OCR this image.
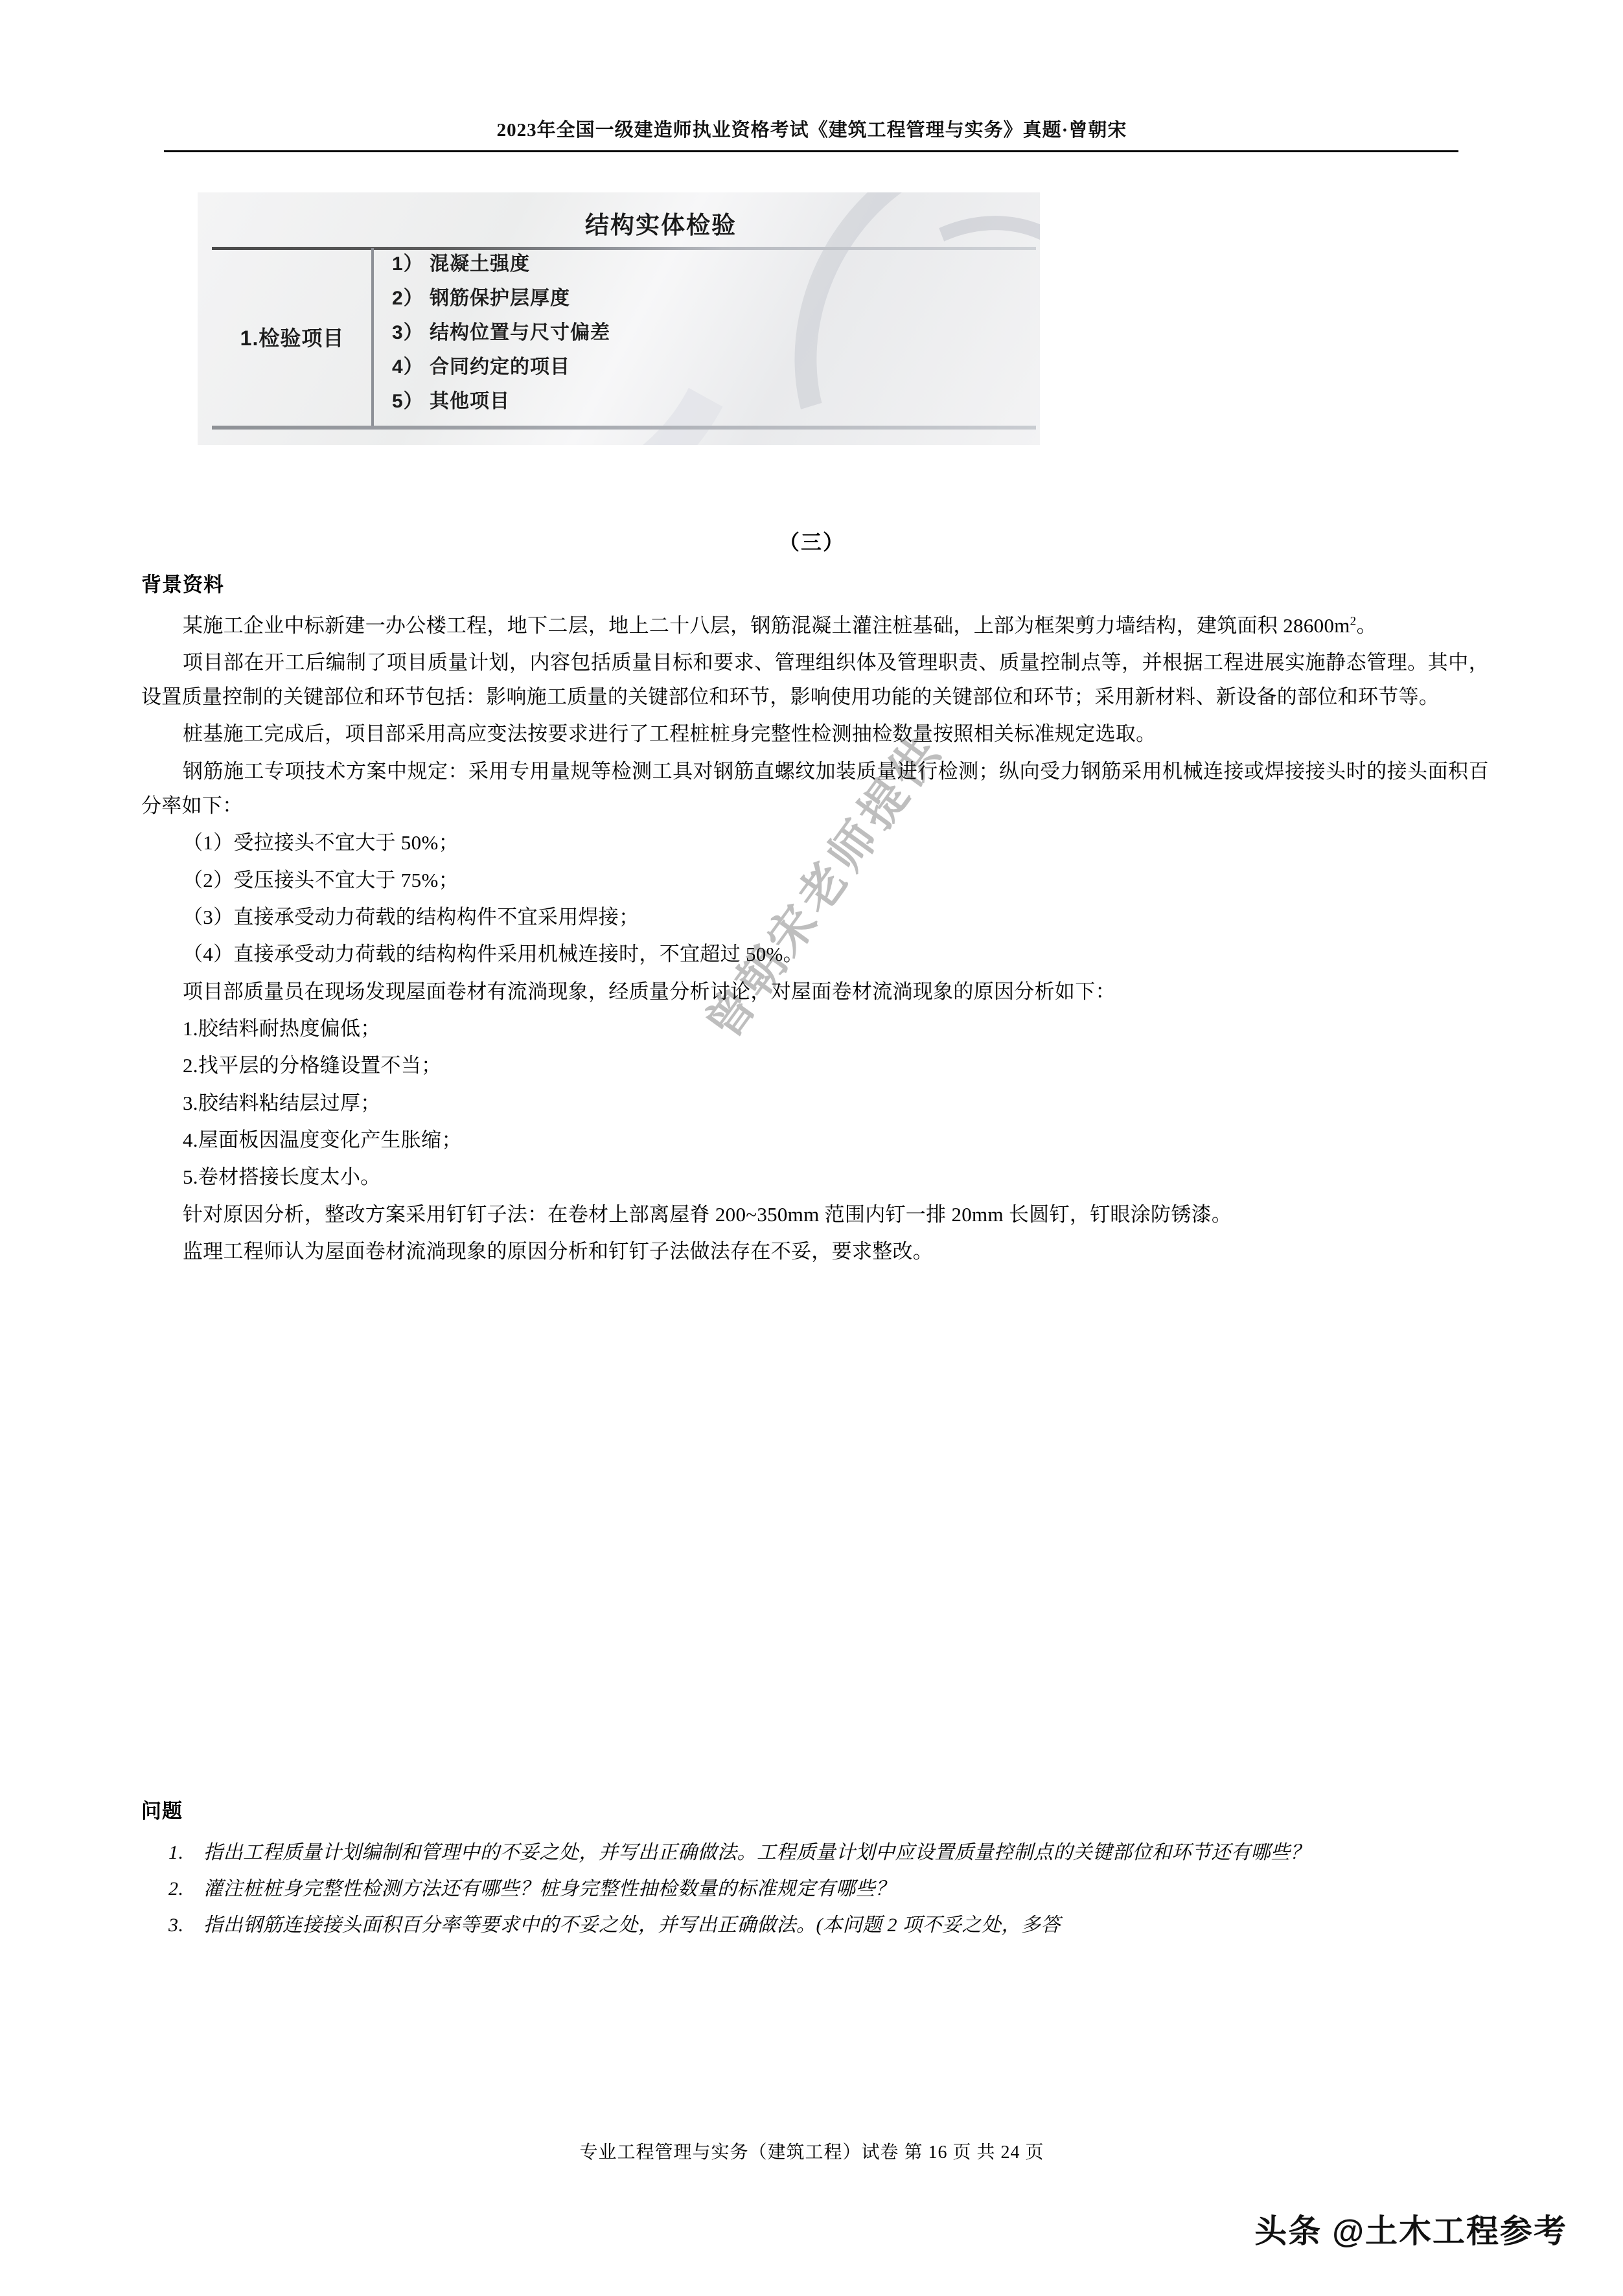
2023年全国一级建造师执业资格考试《建筑工程管理与实务》真题·曾朝宋
结构实体检验
1.检验项目
1） 混凝土强度
2） 钢筋保护层厚度
3） 结构位置与尺寸偏差
4） 合同约定的项目
5） 其他项目
（三）
背景资料

某施工企业中标新建一办公楼工程，地下二层，地上二十八层，钢筋混凝土灌注桩基础，上部为框架剪力墙结构，建筑面积 $28600m^2$。

项目部在开工后编制了项目质量计划，内容包括质量目标和要求、管理组织体及管理职责、质量控制点等，并根据工程进展实施静态管理。其中，设置质量控制的关键部位和环节包括：影响施工质量的关键部位和环节，影响使用功能的关键部位和环节；采用新材料、新设备的部位和环节等。

桩基施工完成后，项目部采用高应变法按要求进行了工程桩桩身完整性检测抽检数量按照相关标准规定选取。

钢筋施工专项技术方案中规定：采用专用量规等检测工具对钢筋直螺纹加装质量进行检测；纵向受力钢筋采用机械连接或焊接接头时的接头面积百分率如下：

（1）受拉接头不宜大于 50%；

（2）受压接头不宜大于 75%；

（3）直接承受动力荷载的结构构件不宜采用焊接；

（4）直接承受动力荷载的结构构件采用机械连接时，不宜超过 50%。

项目部质量员在现场发现屋面卷材有流淌现象，经质量分析讨论，对屋面卷材流淌现象的原因分析如下：

1.胶结料耐热度偏低；

2.找平层的分格缝设置不当；

3.胶结料粘结层过厚；

4.屋面板因温度变化产生胀缩；

5.卷材搭接长度太小。

针对原因分析，整改方案采用钉钉子法：在卷材上部离屋脊 200~350mm 范围内钉一排 20mm 长圆钉，钉眼涂防锈漆。

监理工程师认为屋面卷材流淌现象的原因分析和钉钉子法做法存在不妥，要求整改。

问题
1. 指出工程质量计划编制和管理中的不妥之处，并写出正确做法。工程质量计划中应设置质量控制点的关键部位和环节还有哪些？
2. 灌注桩桩身完整性检测方法还有哪些？桩身完整性抽检数量的标准规定有哪些？
3. 指出钢筋连接接头面积百分率等要求中的不妥之处，并写出正确做法。(本问题 2 项不妥之处，多答
专业工程管理与实务（建筑工程）试卷 第 16 页 共 24 页
曾朝宋老师提供
头条 @土木工程参考
